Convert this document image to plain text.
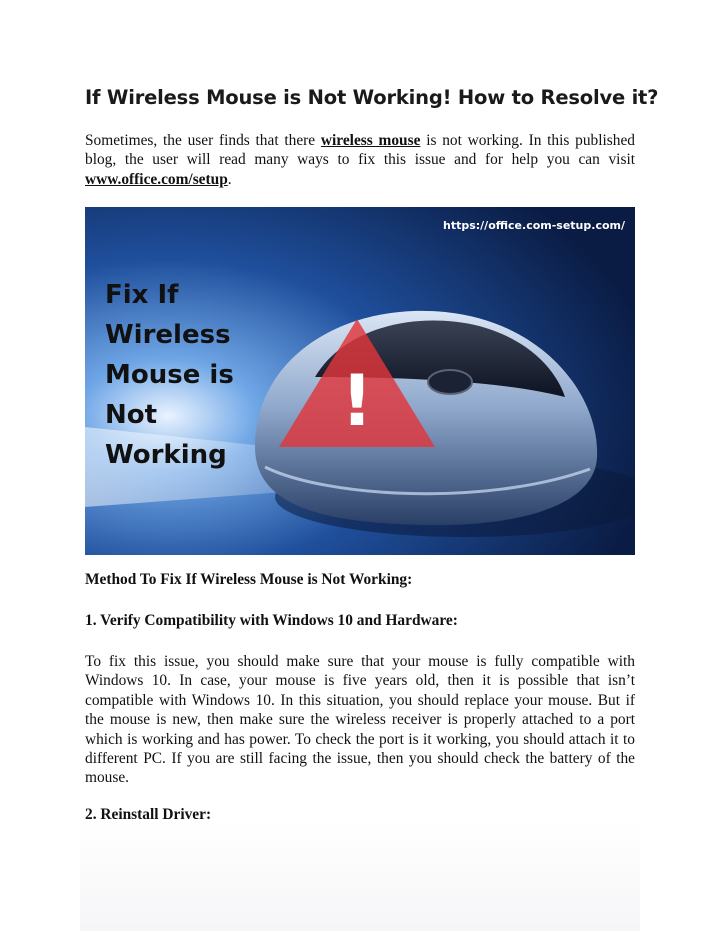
If Wireless Mouse is Not Working! How to Resolve it?

Sometimes, the user finds that there wireless mouse is not working. In this published blog, the user will read many ways to fix this issue and for help you can visit www.office.com/setup.

!
https://office.com-setup.com/
Fix If
Wireless
Mouse is
Not
Working

Method To Fix If Wireless Mouse is Not Working:

1. Verify Compatibility with Windows 10 and Hardware:

To fix this issue, you should make sure that your mouse is fully compatible with Windows 10. In case, your mouse is five years old, then it is possible that isn’t compatible with Windows 10. In this situation, you should replace your mouse. But if the mouse is new, then make sure the wireless receiver is properly attached to a port which is working and has power. To check the port is it working, you should attach it to different PC. If you are still facing the issue, then you should check the battery of the mouse.

2. Reinstall Driver:
